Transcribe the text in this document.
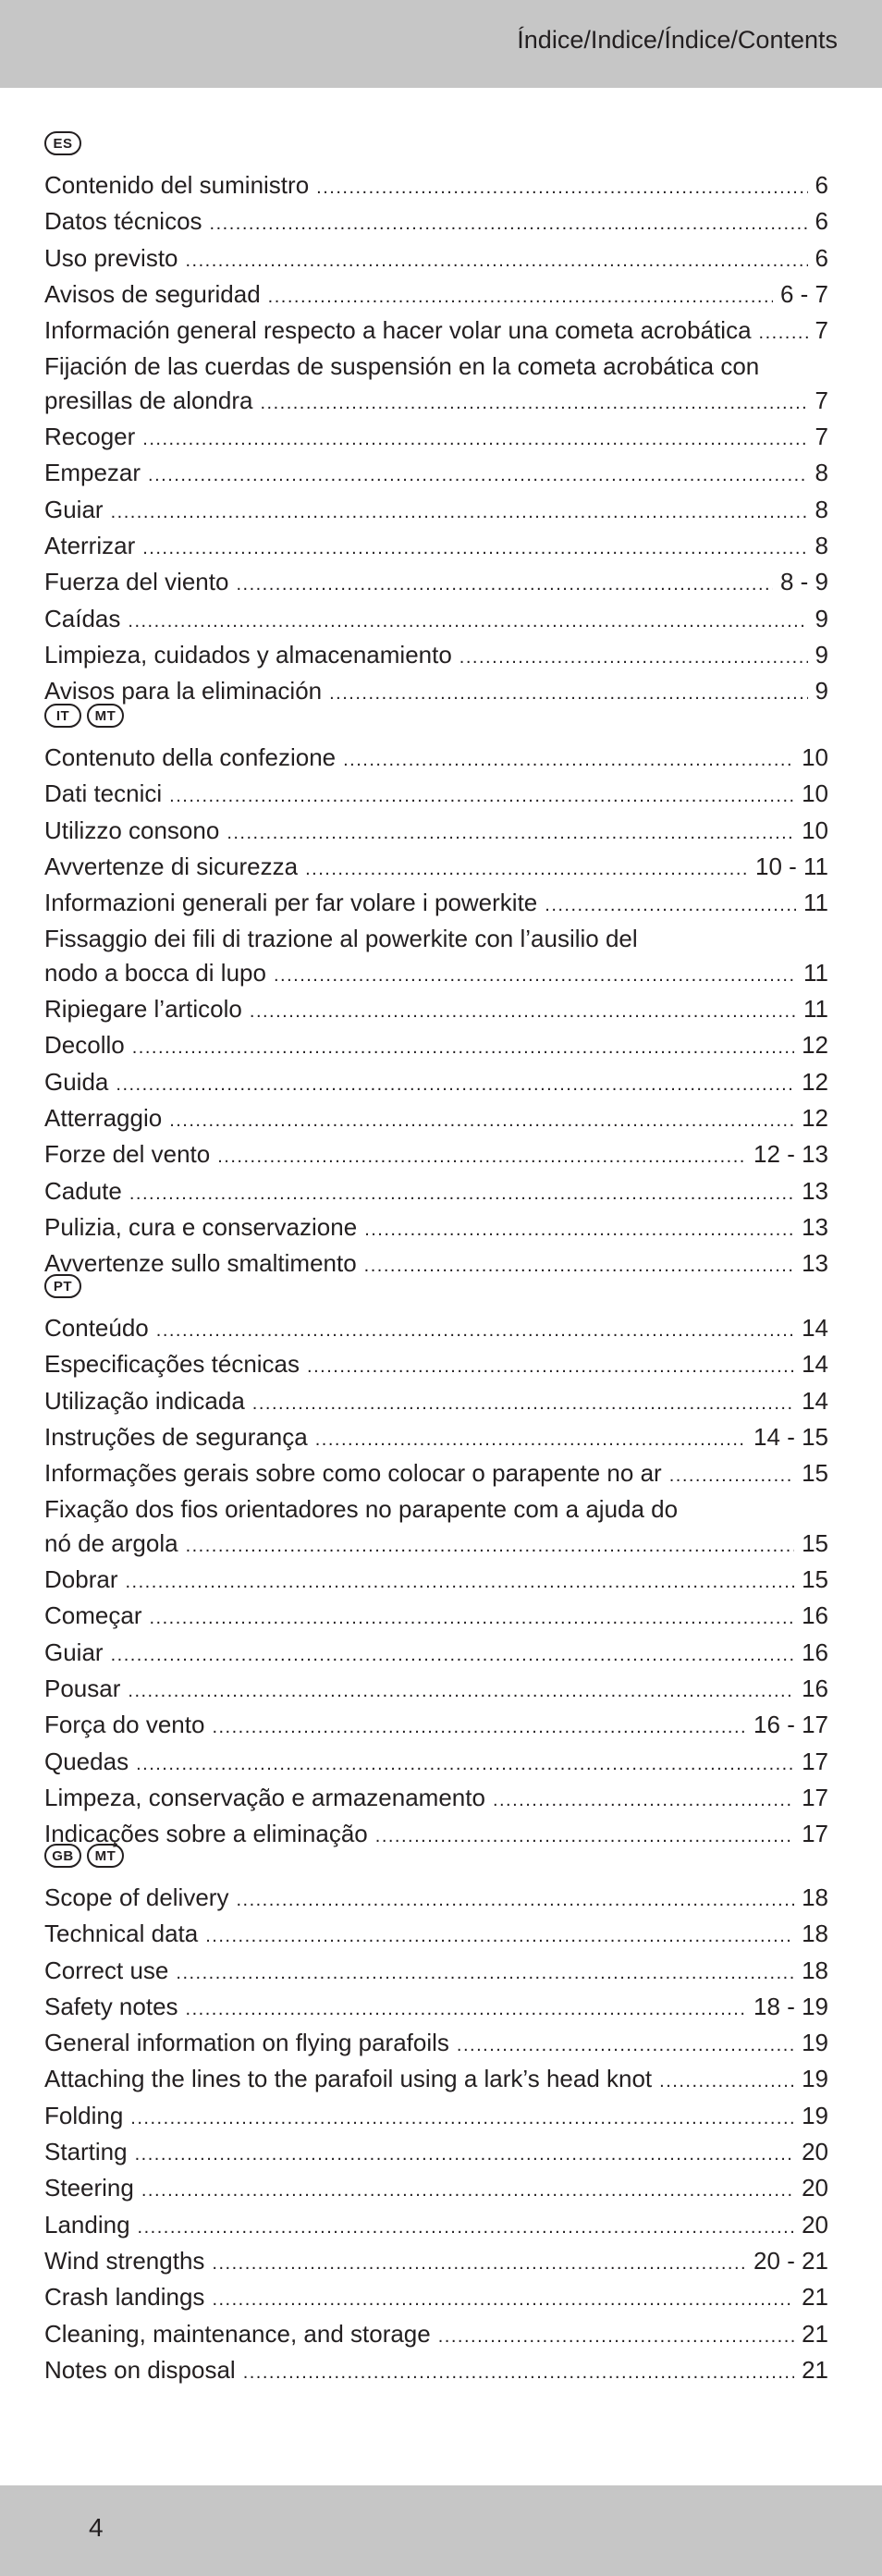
Índice/Indice/Índice/Contents
ES
Contenido del suministro .....	6
Datos técnicos .....	6
Uso previsto .....	6
Avisos de seguridad .....	6 - 7
Información general respecto a hacer volar una cometa acrobática .....	7
Fijación de las cuerdas de suspensión en la cometa acrobática con
presillas de alondra .....	7
Recoger .....	7
Empezar .....	8
Guiar .....	8
Aterrizar .....	8
Fuerza del viento .....	8 - 9
Caídas .....	9
Limpieza, cuidados y almacenamiento .....	9
Avisos para la eliminación .....	9
IT	MT
Contenuto della confezione .....	10
Dati tecnici .....	10
Utilizzo consono .....	10
Avvertenze di sicurezza .....	10 - 11
Informazioni generali per far volare i powerkite .....	11
Fissaggio dei fili di trazione al powerkite con l’ausilio del
nodo a bocca di lupo .....	11
Ripiegare l’articolo .....	11
Decollo .....	12
Guida .....	12
Atterraggio .....	12
Forze del vento .....	12 - 13
Cadute .....	13
Pulizia, cura e conservazione .....	13
Avvertenze sullo smaltimento .....	13
PT
Conteúdo .....	14
Especificações técnicas .....	14
Utilização indicada .....	14
Instruções de segurança .....	14 - 15
Informações gerais sobre como colocar o parapente no ar .....	15
Fixação dos fios orientadores no parapente com a ajuda do
nó de argola .....	15
Dobrar .....	15
Começar .....	16
Guiar .....	16
Pousar .....	16
Força do vento .....	16 - 17
Quedas .....	17
Limpeza, conservação e armazenamento .....	17
Indicações sobre a eliminação .....	17
GB	MT
Scope of delivery .....	18
Technical data .....	18
Correct use .....	18
Safety notes .....	18 - 19
General information on flying parafoils .....	19
Attaching the lines to the parafoil using a lark’s head knot .....	19
Folding .....	19
Starting .....	20
Steering .....	20
Landing .....	20
Wind strengths .....	20 - 21
Crash landings .....	21
Cleaning, maintenance, and storage .....	21
Notes on disposal .....	21
4
